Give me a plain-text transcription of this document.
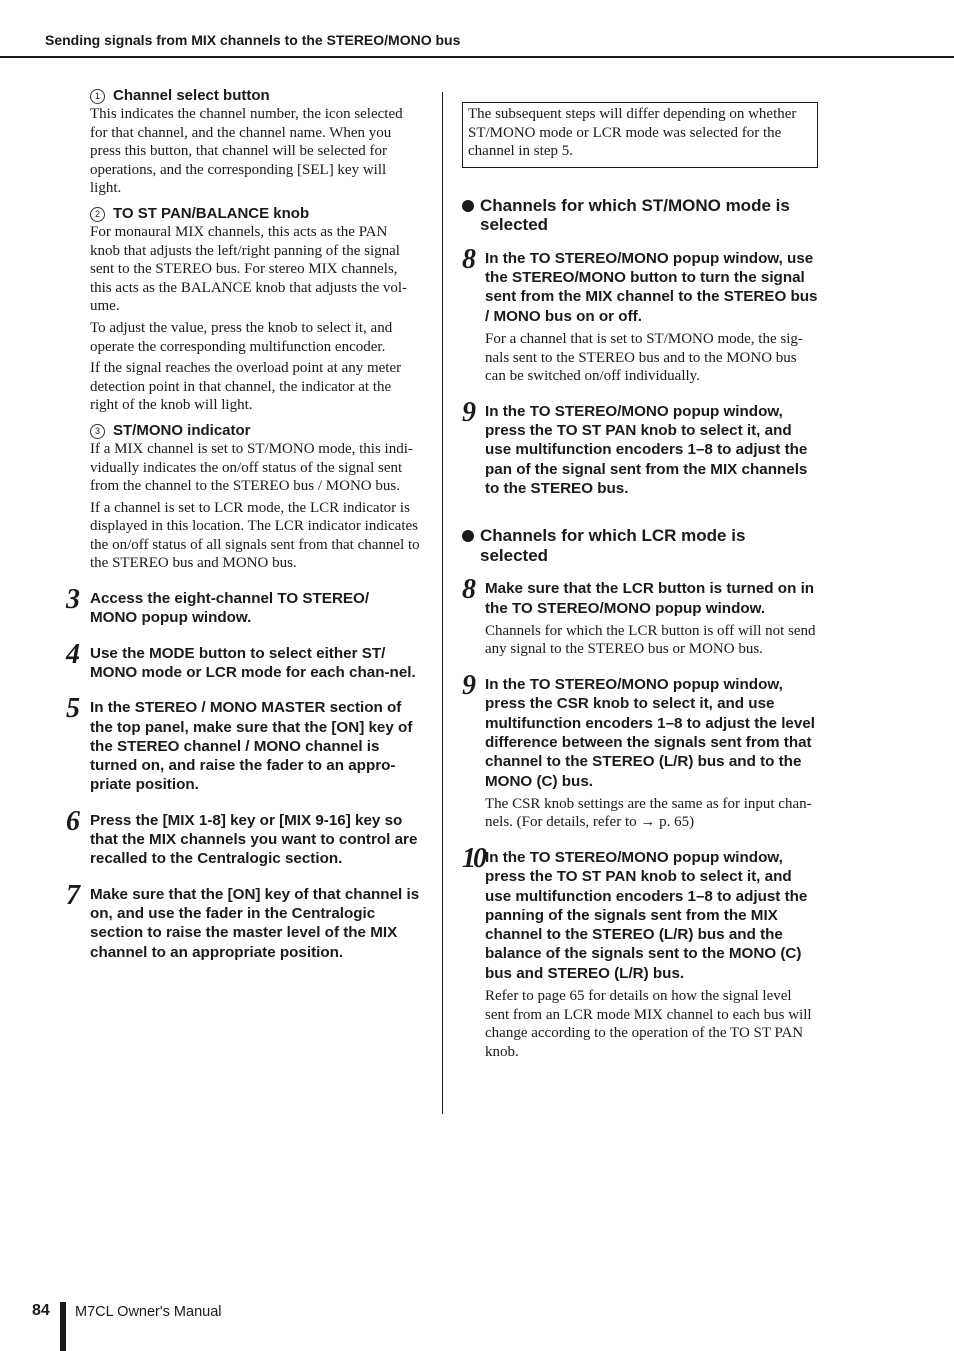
Sending signals from MIX channels to the STEREO/MONO bus
1 Channel select button

This indicates the channel number, the icon selected for that channel, and the channel name. When you press this button, that channel will be selected for operations, and the corresponding [SEL] key will light.

2 TO ST PAN/BALANCE knob

For monaural MIX channels, this acts as the PAN knob that adjusts the left/right panning of the signal sent to the STEREO bus. For stereo MIX channels, this acts as the BALANCE knob that adjusts the vol-ume.

To adjust the value, press the knob to select it, and operate the corresponding multifunction encoder.

If the signal reaches the overload point at any meter detection point in that channel, the indicator at the right of the knob will light.

3 ST/MONO indicator

If a MIX channel is set to ST/MONO mode, this indi-vidually indicates the on/off status of the signal sent from the channel to the STEREO bus / MONO bus.

If a channel is set to LCR mode, the LCR indicator is displayed in this location. The LCR indicator indicates the on/off status of all signals sent from that channel to the STEREO bus and MONO bus.

3 Access the eight-channel TO STEREO/ MONO popup window.
4 Use the MODE button to select either ST/ MONO mode or LCR mode for each chan-nel.
5 In the STEREO / MONO MASTER section of the top panel, make sure that the [ON] key of the STEREO channel / MONO channel is turned on, and raise the fader to an appro-priate position.
6 Press the [MIX 1-8] key or [MIX 9-16] key so that the MIX channels you want to control are recalled to the Centralogic section.
7 Make sure that the [ON] key of that channel is on, and use the fader in the Centralogic section to raise the master level of the MIX channel to an appropriate position.
The subsequent steps will differ depending on whether ST/MONO mode or LCR mode was selected for the channel in step 5.
Channels for which ST/MONO mode is selected
8 In the TO STEREO/MONO popup window, use the STEREO/MONO button to turn the signal sent from the MIX channel to the STEREO bus / MONO bus on or off.

For a channel that is set to ST/MONO mode, the sig-nals sent to the STEREO bus and to the MONO bus can be switched on/off individually.

9 In the TO STEREO/MONO popup window, press the TO ST PAN knob to select it, and use multifunction encoders 1–8 to adjust the pan of the signal sent from the MIX channels to the STEREO bus.
Channels for which LCR mode is selected
8 Make sure that the LCR button is turned on in the TO STEREO/MONO popup window.

Channels for which the LCR button is off will not send any signal to the STEREO bus or MONO bus.

9 In the TO STEREO/MONO popup window, press the CSR knob to select it, and use multifunction encoders 1–8 to adjust the level difference between the signals sent from that channel to the STEREO (L/R) bus and to the MONO (C) bus.

The CSR knob settings are the same as for input chan-nels. (For details, refer to → p. 65)

10 In the TO STEREO/MONO popup window, press the TO ST PAN knob to select it, and use multifunction encoders 1–8 to adjust the panning of the signals sent from the MIX channel to the STEREO (L/R) bus and the balance of the signals sent to the MONO (C) bus and STEREO (L/R) bus.

Refer to page 65 for details on how the signal level sent from an LCR mode MIX channel to each bus will change according to the operation of the TO ST PAN knob.

84 M7CL Owner's Manual
